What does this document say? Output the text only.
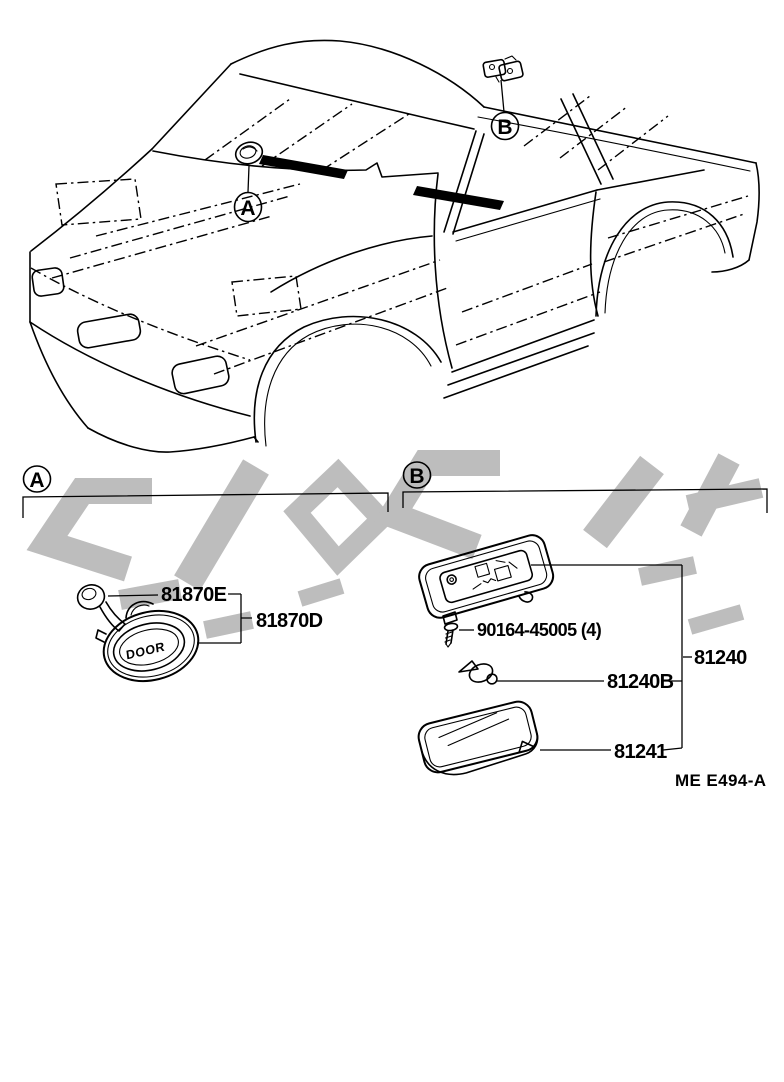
A
B
A
DOOR
81870E
81870D
B
90164-45005 (4)
81240
81240B
81241
ME E494-A
